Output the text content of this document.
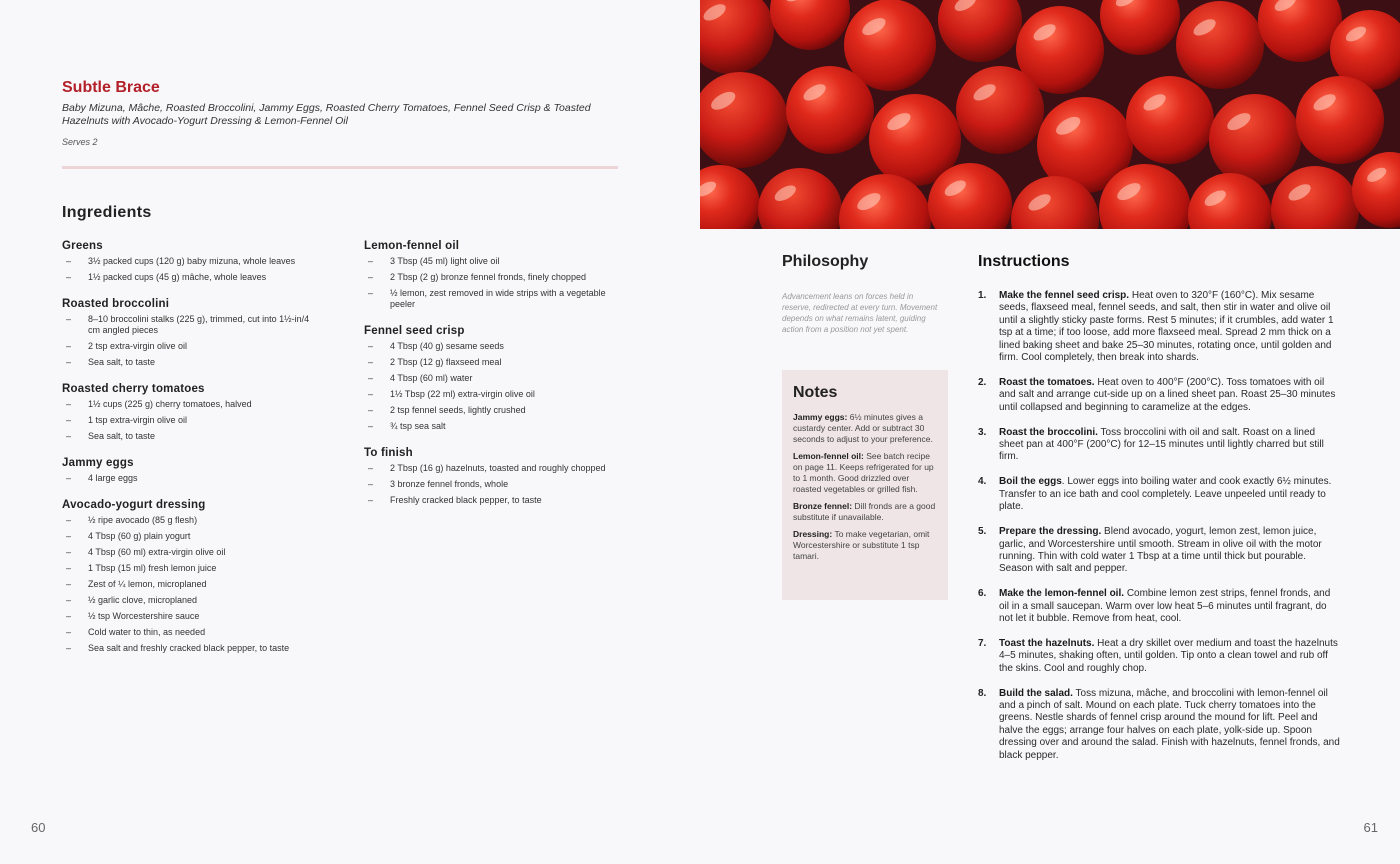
Subtle Brace

Baby Mizuna, Mâche, Roasted Broccolini, Jammy Eggs, Roasted Cherry Tomatoes, Fennel Seed Crisp & Toasted Hazelnuts with Avocado-Yogurt Dressing & Lemon-Fennel Oil

Serves 2

Ingredients
Greens
– 3½ packed cups (120 g) baby mizuna, whole leaves
– 1½ packed cups (45 g) mâche, whole leaves
Roasted broccolini
– 8–10 broccolini stalks (225 g), trimmed, cut into 1½-in/4 cm angled pieces
– 2 tsp extra-virgin olive oil
– Sea salt, to taste
Roasted cherry tomatoes
– 1½ cups (225 g) cherry tomatoes, halved
– 1 tsp extra-virgin olive oil
– Sea salt, to taste
Jammy eggs
– 4 large eggs
Avocado-yogurt dressing
– ½ ripe avocado (85 g flesh)
– 4 Tbsp (60 g) plain yogurt
– 4 Tbsp (60 ml) extra-virgin olive oil
– 1 Tbsp (15 ml) fresh lemon juice
– Zest of ¼ lemon, microplaned
– ½ garlic clove, microplaned
– ½ tsp Worcestershire sauce
– Cold water to thin, as needed
– Sea salt and freshly cracked black pepper, to taste
Lemon-fennel oil
– 3 Tbsp (45 ml) light olive oil
– 2 Tbsp (2 g) bronze fennel fronds, finely chopped
– ½ lemon, zest removed in wide strips with a vegetable peeler
Fennel seed crisp
– 4 Tbsp (40 g) sesame seeds
– 2 Tbsp (12 g) flaxseed meal
– 4 Tbsp (60 ml) water
– 1½ Tbsp (22 ml) extra-virgin olive oil
– 2 tsp fennel seeds, lightly crushed
– ¾ tsp sea salt
To finish
– 2 Tbsp (16 g) hazelnuts, toasted and roughly chopped
– 3 bronze fennel fronds, whole
– Freshly cracked black pepper, to taste
60
Philosophy

Advancement leans on forces held in reserve, redirected at every turn. Movement depends on what remains latent, guiding action from a position not yet spent.

Notes

Jammy eggs: 6½ minutes gives a custardy center. Add or subtract 30 seconds to adjust to your preference.

Lemon-fennel oil: See batch recipe on page 11. Keeps refrigerated for up to 1 month. Good drizzled over roasted vegetables or grilled fish.

Bronze fennel: Dill fronds are a good substitute if unavailable.

Dressing: To make vegetarian, omit Worcestershire or substitute 1 tsp tamari.

Instructions
1. Make the fennel seed crisp. Heat oven to 320°F (160°C). Mix sesame seeds, flaxseed meal, fennel seeds, and salt, then stir in water and olive oil until a slightly sticky paste forms. Rest 5 minutes; if it crumbles, add water 1 tsp at a time; if too loose, add more flaxseed meal. Spread 2 mm thick on a lined baking sheet and bake 25–30 minutes, rotating once, until golden and firm. Cool completely, then break into shards.
2. Roast the tomatoes. Heat oven to 400°F (200°C). Toss tomatoes with oil and salt and arrange cut-side up on a lined sheet pan. Roast 25–30 minutes until collapsed and beginning to caramelize at the edges.
3. Roast the broccolini. Toss broccolini with oil and salt. Roast on a lined sheet pan at 400°F (200°C) for 12–15 minutes until lightly charred but still firm.
4. Boil the eggs. Lower eggs into boiling water and cook exactly 6½ minutes. Transfer to an ice bath and cool completely. Leave unpeeled until ready to plate.
5. Prepare the dressing. Blend avocado, yogurt, lemon zest, lemon juice, garlic, and Worcestershire until smooth. Stream in olive oil with the motor running. Thin with cold water 1 Tbsp at a time until thick but pourable. Season with salt and pepper.
6. Make the lemon-fennel oil. Combine lemon zest strips, fennel fronds, and oil in a small saucepan. Warm over low heat 5–6 minutes until fragrant, do not let it bubble. Remove from heat, cool.
7. Toast the hazelnuts. Heat a dry skillet over medium and toast the hazelnuts 4–5 minutes, shaking often, until golden. Tip onto a clean towel and rub off the skins. Cool and roughly chop.
8. Build the salad. Toss mizuna, mâche, and broccolini with lemon-fennel oil and a pinch of salt. Mound on each plate. Tuck cherry tomatoes into the greens. Nestle shards of fennel crisp around the mound for lift. Peel and halve the eggs; arrange four halves on each plate, yolk-side up. Spoon dressing over and around the salad. Finish with hazelnuts, fennel fronds, and black pepper.
61
